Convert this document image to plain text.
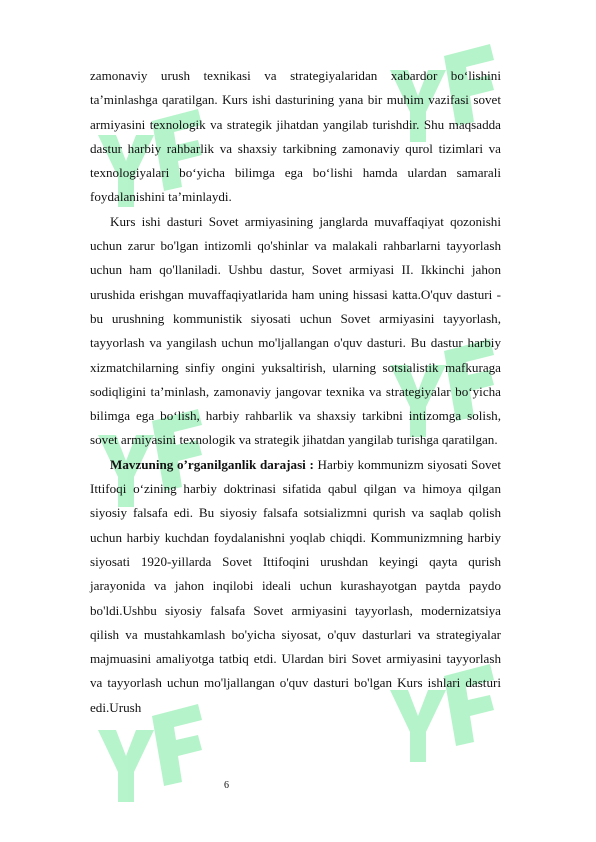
zamonaviy urush texnikasi va strategiyalaridan xabardor bo‘lishini ta’minlashga qaratilgan. Kurs ishi dasturining yana bir muhim vazifasi sovet armiyasini texnologik va strategik jihatdan yangilab turishdir. Shu maqsadda dastur harbiy rahbarlik va shaxsiy tarkibning zamonaviy qurol tizimlari va texnologiyalari bo‘yicha bilimga ega bo‘lishi hamda ulardan samarali foydalanishini ta’minlaydi.

Kurs ishi dasturi Sovet armiyasining janglarda muvaffaqiyat qozonishi uchun zarur bo'lgan intizomli qo'shinlar va malakali rahbarlarni tayyorlash uchun ham qo'llaniladi. Ushbu dastur, Sovet armiyasi II. Ikkinchi jahon urushida erishgan muvaffaqiyatlarida ham uning hissasi katta.O'quv dasturi - bu urushning kommunistik siyosati uchun Sovet armiyasini tayyorlash, tayyorlash va yangilash uchun mo'ljallangan o'quv dasturi. Bu dastur harbiy xizmatchilarning sinfiy ongini yuksaltirish, ularning sotsialistik mafkuraga sodiqligini ta’minlash, zamonaviy jangovar texnika va strategiyalar bo‘yicha bilimga ega bo‘lish, harbiy rahbarlik va shaxsiy tarkibni intizomga solish, sovet armiyasini texnologik va strategik jihatdan yangilab turishga qaratilgan.

Mavzuning o’rganilganlik darajasi : Harbiy kommunizm siyosati Sovet Ittifoqi o‘zining harbiy doktrinasi sifatida qabul qilgan va himoya qilgan siyosiy falsafa edi. Bu siyosiy falsafa sotsializmni qurish va saqlab qolish uchun harbiy kuchdan foydalanishni yoqlab chiqdi. Kommunizmning harbiy siyosati 1920-yillarda Sovet Ittifoqini urushdan keyingi qayta qurish jarayonida va jahon inqilobi ideali uchun kurashayotgan paytda paydo bo'ldi.Ushbu siyosiy falsafa Sovet armiyasini tayyorlash, modernizatsiya qilish va mustahkamlash bo'yicha siyosat, o'quv dasturlari va strategiyalar majmuasini amaliyotga tatbiq etdi. Ulardan biri Sovet armiyasini tayyorlash va tayyorlash uchun mo'ljallangan o'quv dasturi bo'lgan Kurs ishlari dasturi edi.Urush

6
